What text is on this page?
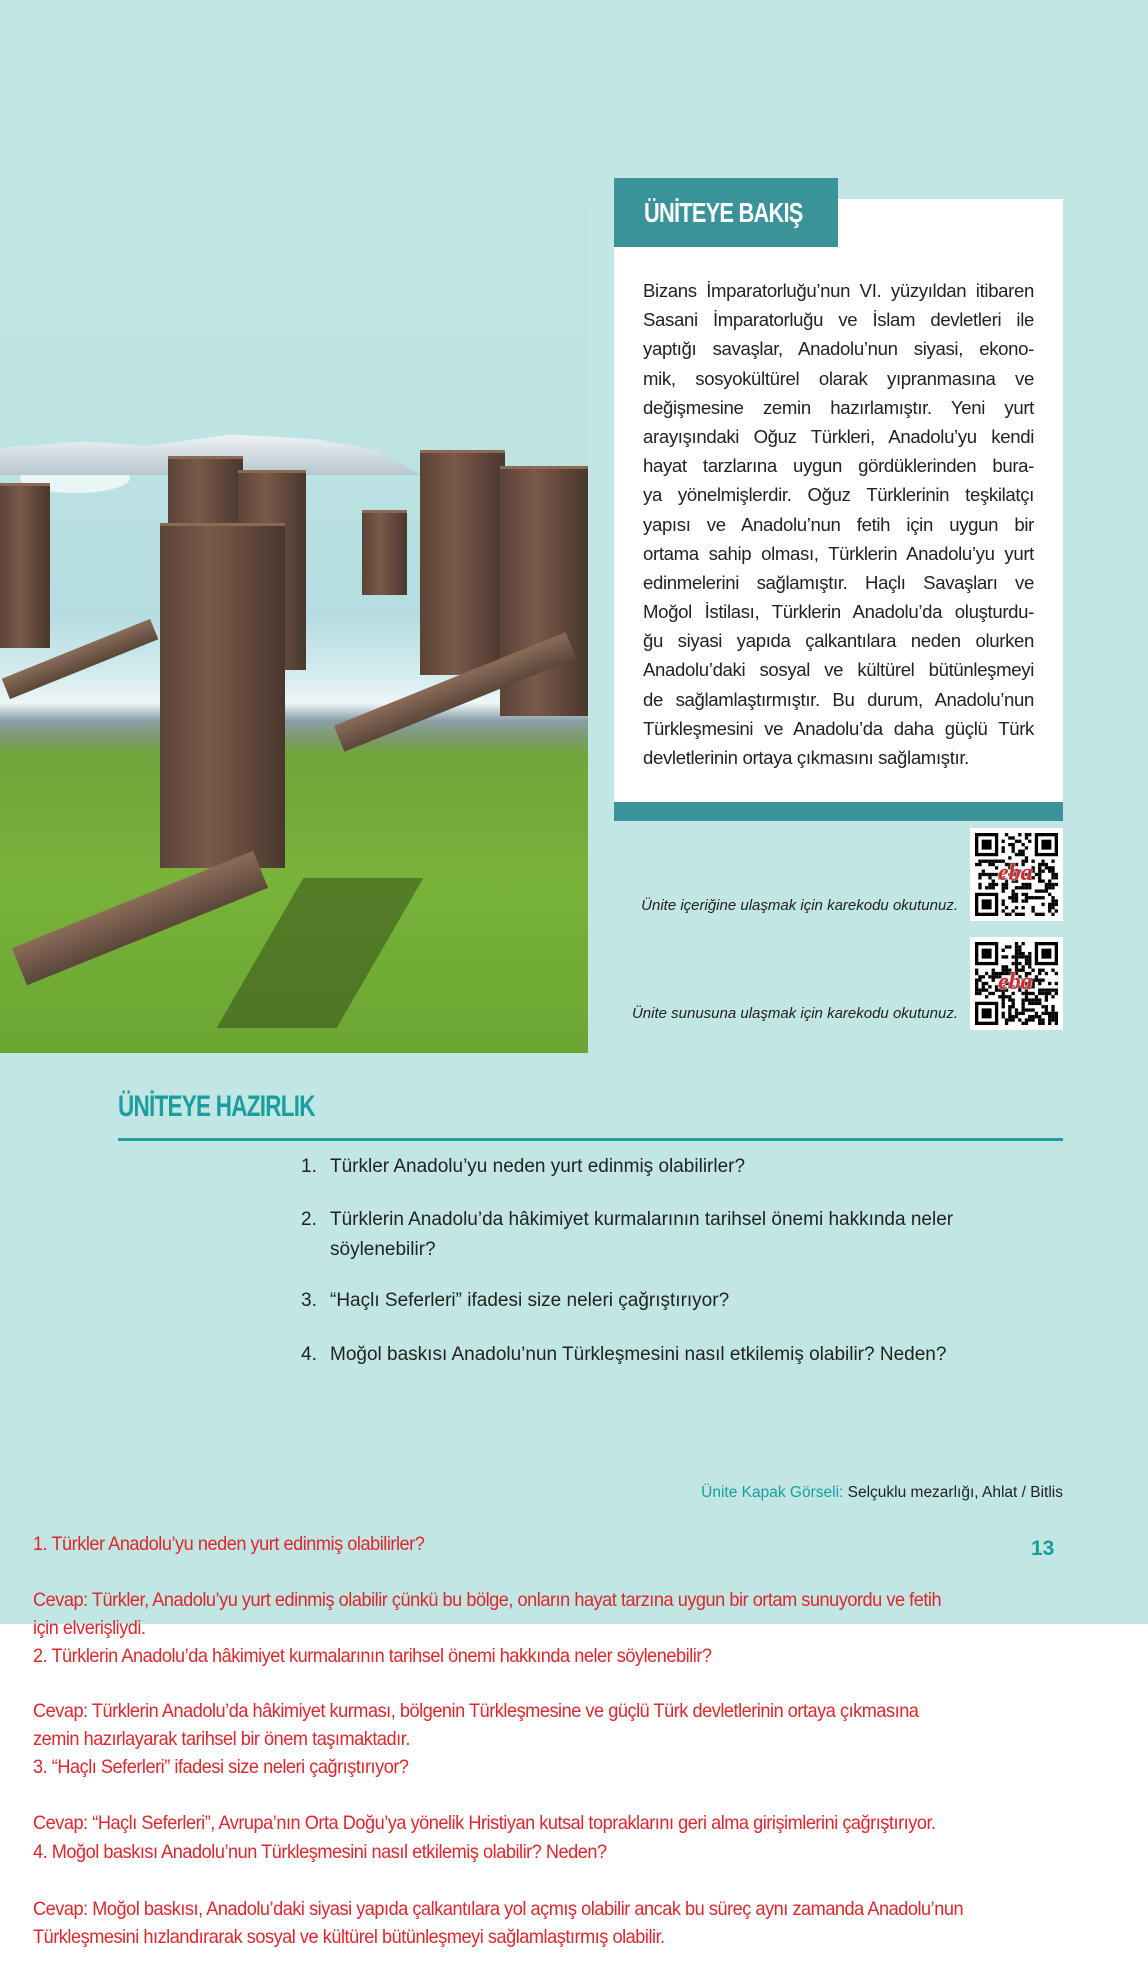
ÜNİTEYE BAKIŞ
Bizans İmparatorluğu’nun VI. yüzyıldan itibaren
Sasani İmparatorluğu ve İslam devletleri ile
yaptığı savaşlar, Anadolu’nun siyasi, ekono-
mik, sosyokültürel olarak yıpranmasına ve
değişmesine zemin hazırlamıştır. Yeni yurt
arayışındaki Oğuz Türkleri, Anadolu’yu kendi
hayat tarzlarına uygun gördüklerinden bura-
ya yönelmişlerdir. Oğuz Türklerinin teşkilatçı
yapısı ve Anadolu’nun fetih için uygun bir
ortama sahip olması, Türklerin Anadolu’yu yurt
edinmelerini sağlamıştır. Haçlı Savaşları ve
Moğol İstilası, Türklerin Anadolu’da oluşturdu-
ğu siyasi yapıda çalkantılara neden olurken
Anadolu’daki sosyal ve kültürel bütünleşmeyi
de sağlamlaştırmıştır. Bu durum, Anadolu’nun
Türkleşmesini ve Anadolu’da daha güçlü Türk
devletlerinin ortaya çıkmasını sağlamıştır.
Ünite içeriğine ulaşmak için karekodu okutunuz.
eba
Ünite sunusuna ulaşmak için karekodu okutunuz.
eba
ÜNİTEYE HAZIRLIK
1. Türkler Anadolu’yu neden yurt edinmiş olabilirler?
2. Türklerin Anadolu’da hâkimiyet kurmalarının tarihsel önemi hakkında neler
söylenebilir?
3. “Haçlı Seferleri” ifadesi size neleri çağrıştırıyor?
4. Moğol baskısı Anadolu’nun Türkleşmesini nasıl etkilemiş olabilir? Neden?
Ünite Kapak Görseli: Selçuklu mezarlığı, Ahlat / Bitlis
13
1. Türkler Anadolu’yu neden yurt edinmiş olabilirler?
Cevap: Türkler, Anadolu’yu yurt edinmiş olabilir çünkü bu bölge, onların hayat tarzına uygun bir ortam sunuyordu ve fetih
için elverişliydi.
2. Türklerin Anadolu’da hâkimiyet kurmalarının tarihsel önemi hakkında neler söylenebilir?
Cevap: Türklerin Anadolu’da hâkimiyet kurması, bölgenin Türkleşmesine ve güçlü Türk devletlerinin ortaya çıkmasına
zemin hazırlayarak tarihsel bir önem taşımaktadır.
3. “Haçlı Seferleri” ifadesi size neleri çağrıştırıyor?
Cevap: “Haçlı Seferleri”, Avrupa’nın Orta Doğu’ya yönelik Hristiyan kutsal topraklarını geri alma girişimlerini çağrıştırıyor.
4. Moğol baskısı Anadolu’nun Türkleşmesini nasıl etkilemiş olabilir? Neden?
Cevap: Moğol baskısı, Anadolu’daki siyasi yapıda çalkantılara yol açmış olabilir ancak bu süreç aynı zamanda Anadolu’nun
Türkleşmesini hızlandırarak sosyal ve kültürel bütünleşmeyi sağlamlaştırmış olabilir.
